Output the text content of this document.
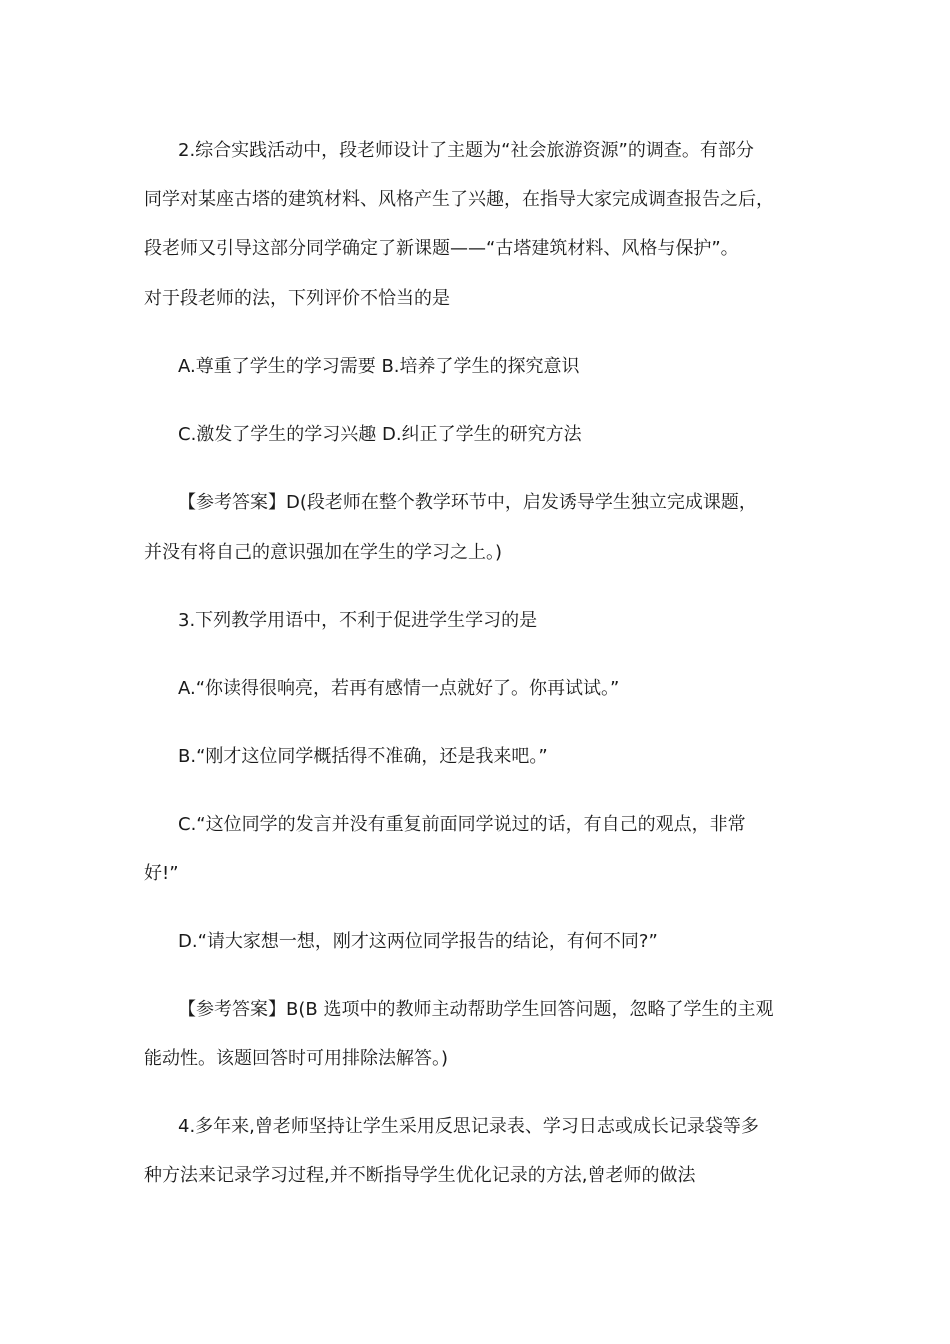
2.综合实践活动中，段老师设计了主题为“社会旅游资源”的调查。有部分
同学对某座古塔的建筑材料、风格产生了兴趣，在指导大家完成调查报告之后，
段老师又引导这部分同学确定了新课题——“古塔建筑材料、风格与保护”。
对于段老师的法，下列评价不恰当的是
A.尊重了学生的学习需要 B.培养了学生的探究意识
C.激发了学生的学习兴趣 D.纠正了学生的研究方法
【参考答案】D(段老师在整个教学环节中，启发诱导学生独立完成课题，
并没有将自己的意识强加在学生的学习之上。)
3.下列教学用语中，不利于促进学生学习的是
A.“你读得很响亮，若再有感情一点就好了。你再试试。”
B.“刚才这位同学概括得不准确，还是我来吧。”
C.“这位同学的发言并没有重复前面同学说过的话，有自己的观点，非常
好!”
D.“请大家想一想，刚才这两位同学报告的结论，有何不同?”
【参考答案】B(B 选项中的教师主动帮助学生回答问题，忽略了学生的主观
能动性。该题回答时可用排除法解答。)
4.多年来,曾老师坚持让学生采用反思记录表、学习日志或成长记录袋等多
种方法来记录学习过程,并不断指导学生优化记录的方法,曾老师的做法
